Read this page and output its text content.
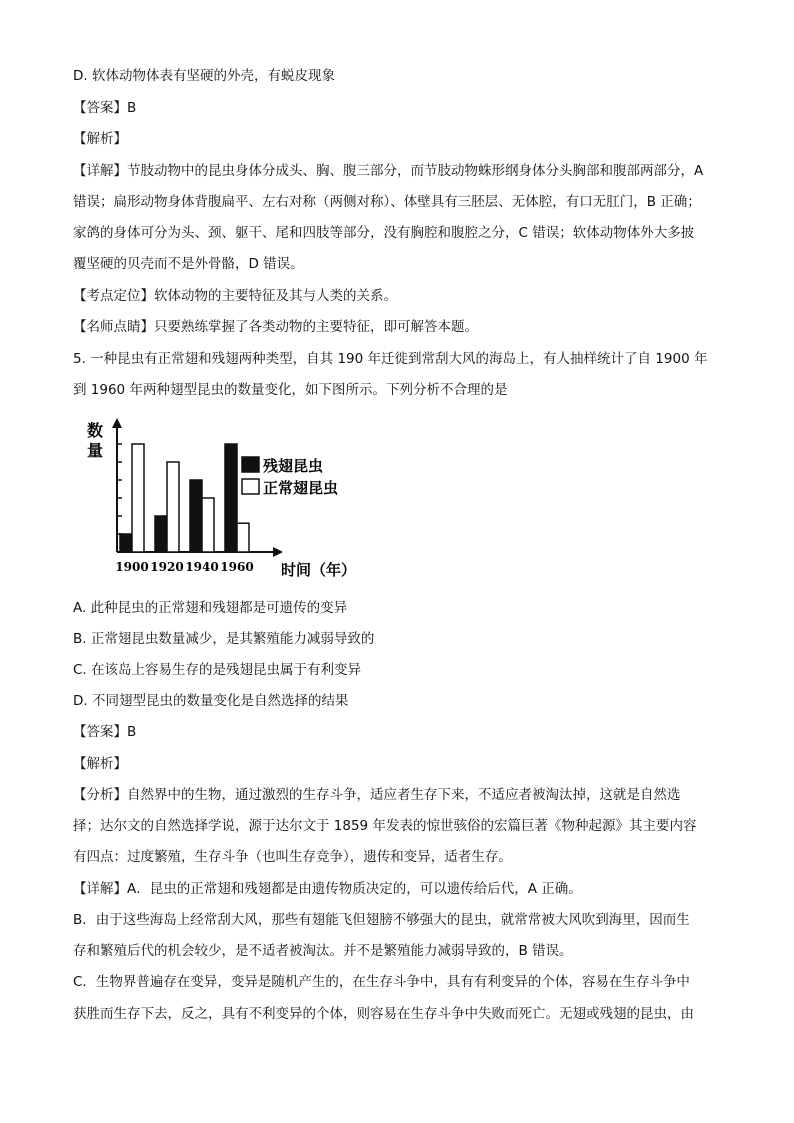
D. 软体动物体表有坚硬的外壳，有蜕皮现象
【答案】B
【解析】
【详解】节肢动物中的昆虫身体分成头、胸、腹三部分，而节肢动物蛛形纲身体分头胸部和腹部两部分，A
错误；扁形动物身体背腹扁平、左右对称（两侧对称）、体壁具有三胚层、无体腔，有口无肛门，B 正确；
家鸽的身体可分为头、颈、躯干、尾和四肢等部分，没有胸腔和腹腔之分，C 错误；软体动物体外大多披
覆坚硬的贝壳而不是外骨骼，D 错误。
【考点定位】软体动物的主要特征及其与人类的关系。
【名师点睛】只要熟练掌握了各类动物的主要特征，即可解答本题。
5. 一种昆虫有正常翅和残翅两种类型，自其 190 年迁徙到常刮大风的海岛上，有人抽样统计了自 1900 年
到 1960 年两种翅型昆虫的数量变化，如下图所示。下列分析不合理的是
数
量
1900 1920 1940 1960 时间（年）
残翅昆虫
正常翅昆虫
A. 此种昆虫的正常翅和残翅都是可遗传的变异
B. 正常翅昆虫数量减少，是其繁殖能力减弱导致的
C. 在该岛上容易生存的是残翅昆虫属于有利变异
D. 不同翅型昆虫的数量变化是自然选择的结果
【答案】B
【解析】
【分析】自然界中的生物，通过激烈的生存斗争，适应者生存下来，不适应者被淘汰掉，这就是自然选
择；达尔文的自然选择学说，源于达尔文于 1859 年发表的惊世骇俗的宏篇巨著《物种起源》其主要内容
有四点：过度繁殖，生存斗争（也叫生存竞争），遗传和变异，适者生存。
【详解】A．昆虫的正常翅和残翅都是由遗传物质决定的，可以遗传给后代，A 正确。
B．由于这些海岛上经常刮大风，那些有翅能飞但翅膀不够强大的昆虫，就常常被大风吹到海里，因而生
存和繁殖后代的机会较少，是不适者被淘汰。并不是繁殖能力减弱导致的，B 错误。
C．生物界普遍存在变异，变异是随机产生的，在生存斗争中，具有有利变异的个体，容易在生存斗争中
获胜而生存下去，反之，具有不利变异的个体，则容易在生存斗争中失败而死亡。无翅或残翅的昆虫，由
